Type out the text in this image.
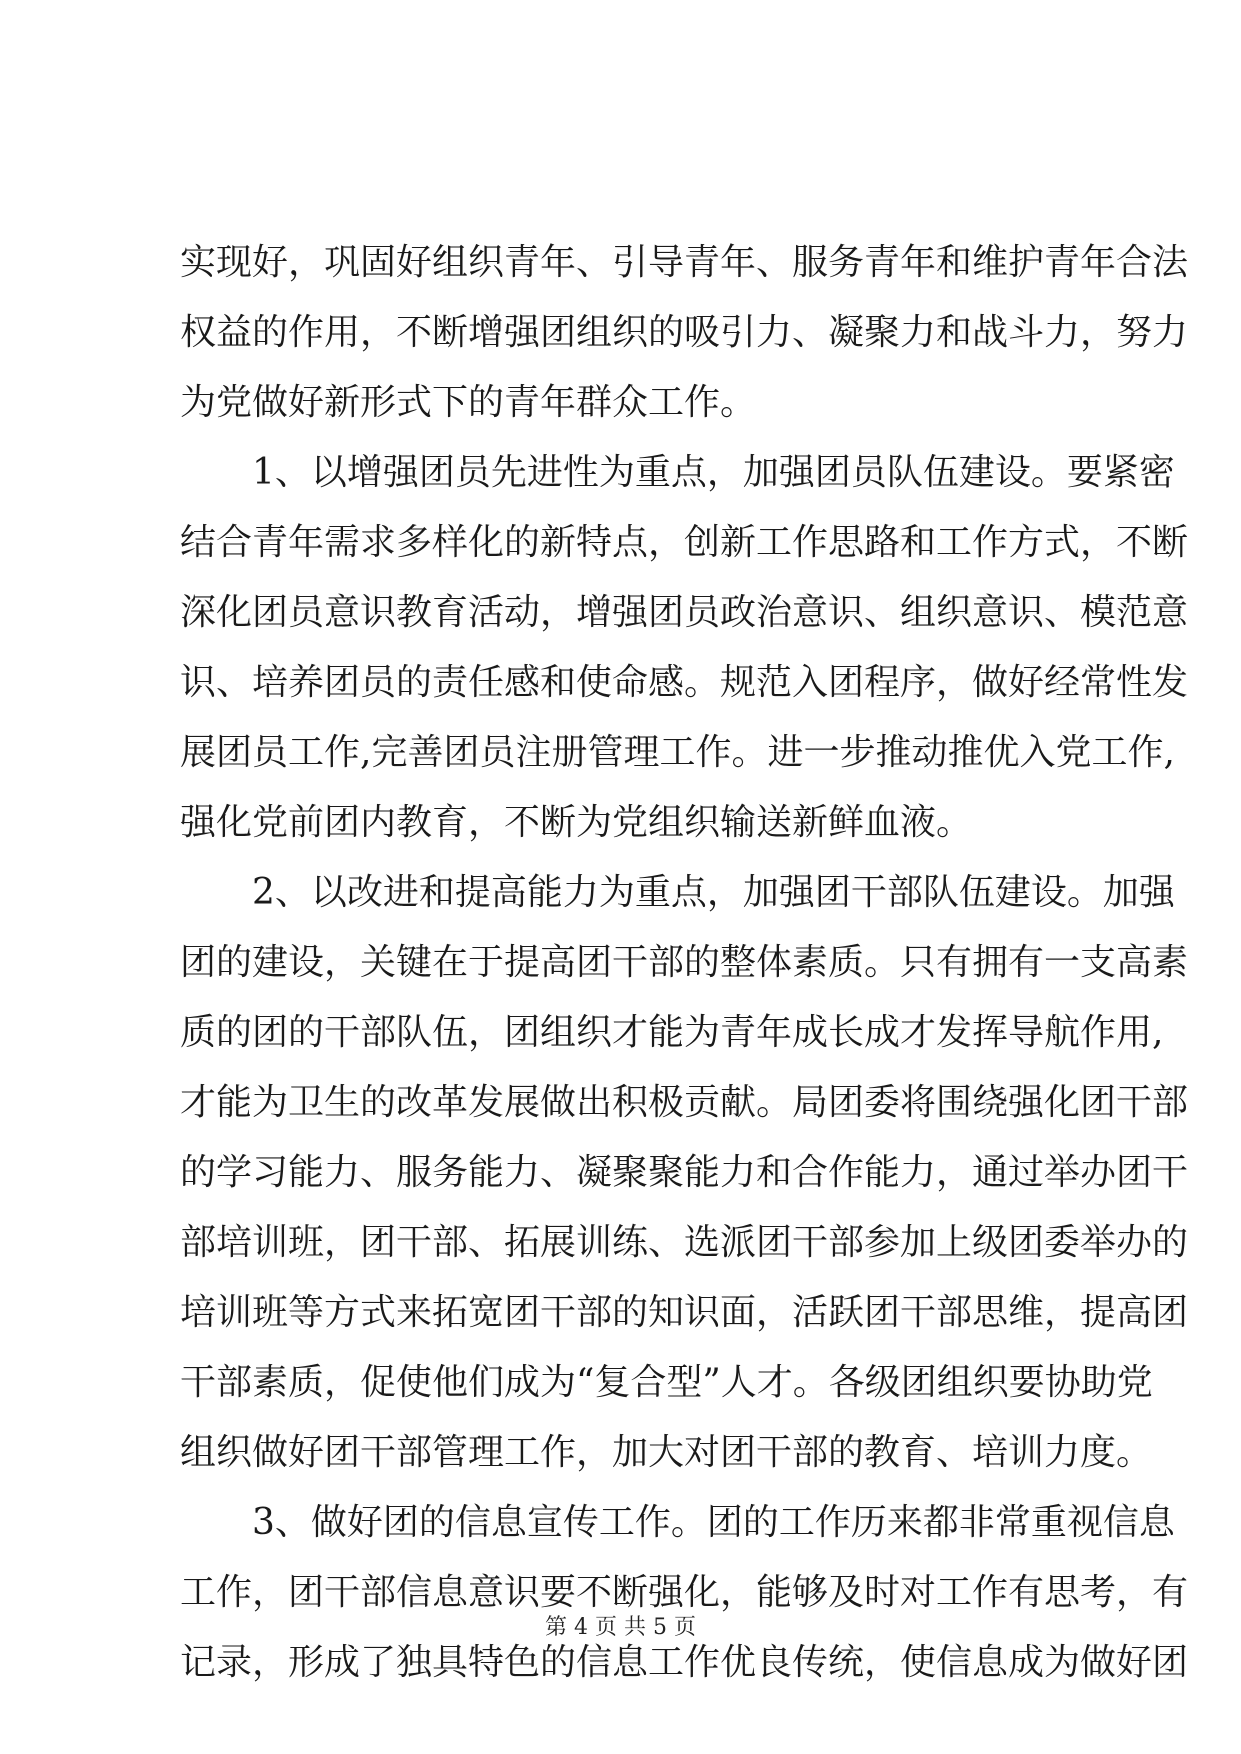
实现好，巩固好组织青年、引导青年、服务青年和维护青年合法
权益的作用，不断增强团组织的吸引力、凝聚力和战斗力，努力
为党做好新形式下的青年群众工作。
　　1、以增强团员先进性为重点，加强团员队伍建设。要紧密
结合青年需求多样化的新特点，创新工作思路和工作方式，不断
深化团员意识教育活动，增强团员政治意识、组织意识、模范意
识、培养团员的责任感和使命感。规范入团程序，做好经常性发
展团员工作,完善团员注册管理工作。进一步推动推优入党工作,
强化党前团内教育，不断为党组织输送新鲜血液。
　　2、以改进和提高能力为重点，加强团干部队伍建设。加强
团的建设，关键在于提高团干部的整体素质。只有拥有一支高素
质的团的干部队伍，团组织才能为青年成长成才发挥导航作用,
才能为卫生的改革发展做出积极贡献。局团委将围绕强化团干部
的学习能力、服务能力、凝聚聚能力和合作能力，通过举办团干
部培训班，团干部、拓展训练、选派团干部参加上级团委举办的
培训班等方式来拓宽团干部的知识面，活跃团干部思维，提高团
干部素质，促使他们成为“复合型”人才。各级团组织要协助党
组织做好团干部管理工作，加大对团干部的教育、培训力度。
　　3、做好团的信息宣传工作。团的工作历来都非常重视信息
工作，团干部信息意识要不断强化，能够及时对工作有思考，有
记录，形成了独具特色的信息工作优良传统，使信息成为做好团
第 4 页 共 5 页
